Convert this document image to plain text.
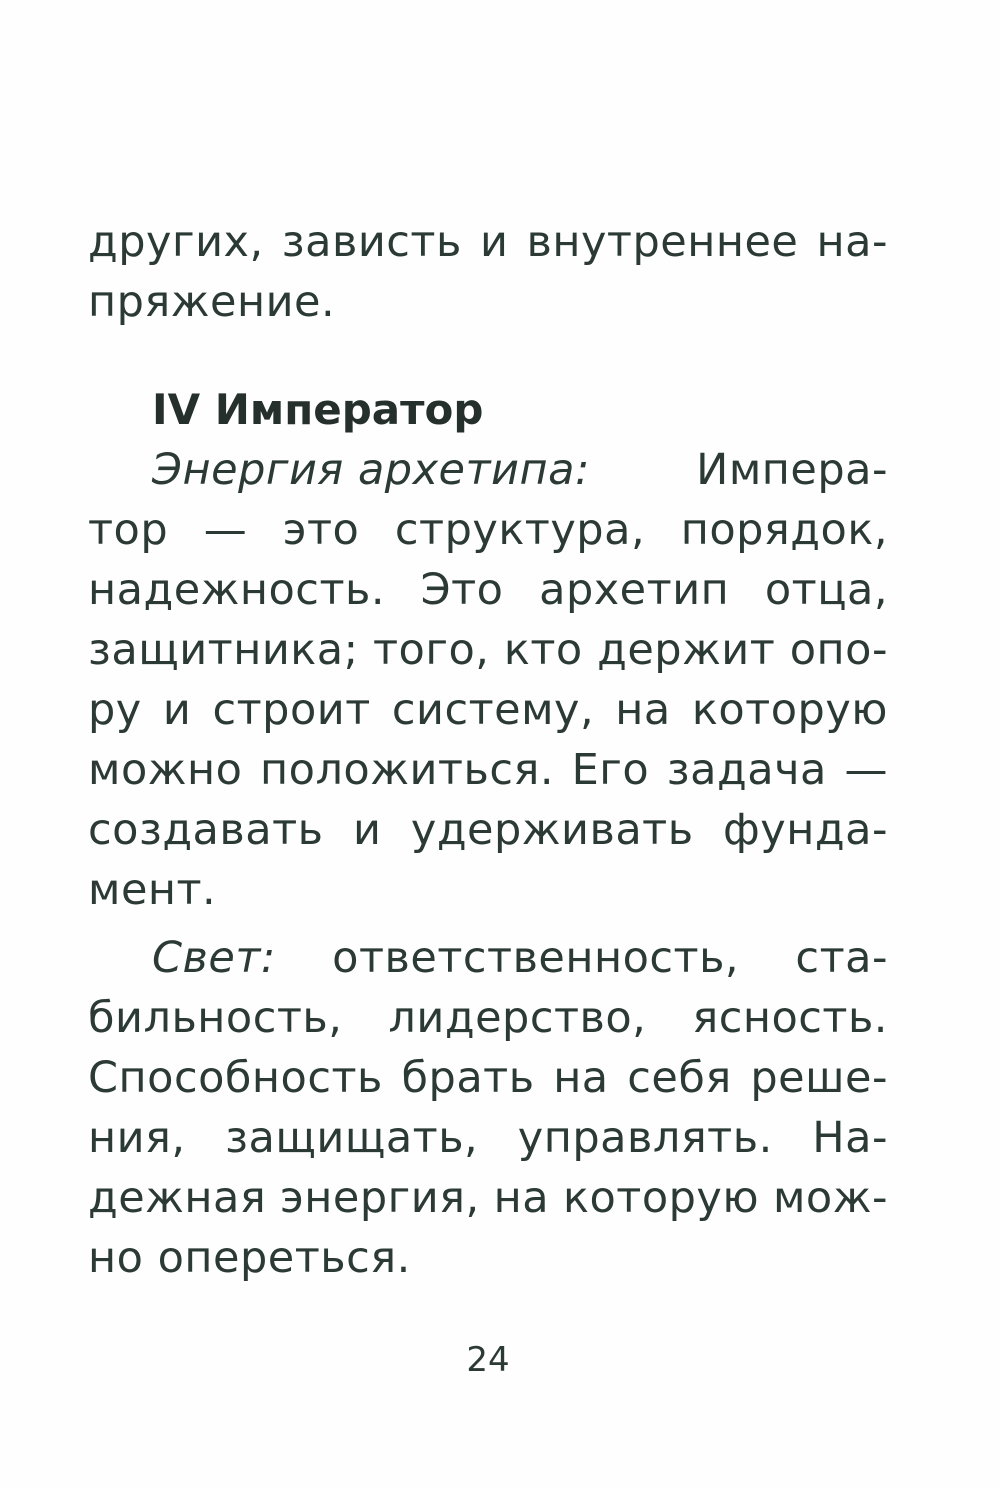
других, зависть и внутреннее на-
пряжение.
IV Император
Энергия архетипа: Импера-
тор — это структура, порядок,
надежность. Это архетип отца,
защитника; того, кто держит опо-
ру и строит систему, на которую
можно положиться. Его задача —
создавать и удерживать фунда-
мент.
Свет: ответственность, ста-
бильность, лидерство, ясность.
Способность брать на себя реше-
ния, защищать, управлять. На-
дежная энергия, на которую мож-
но опереться.
24
